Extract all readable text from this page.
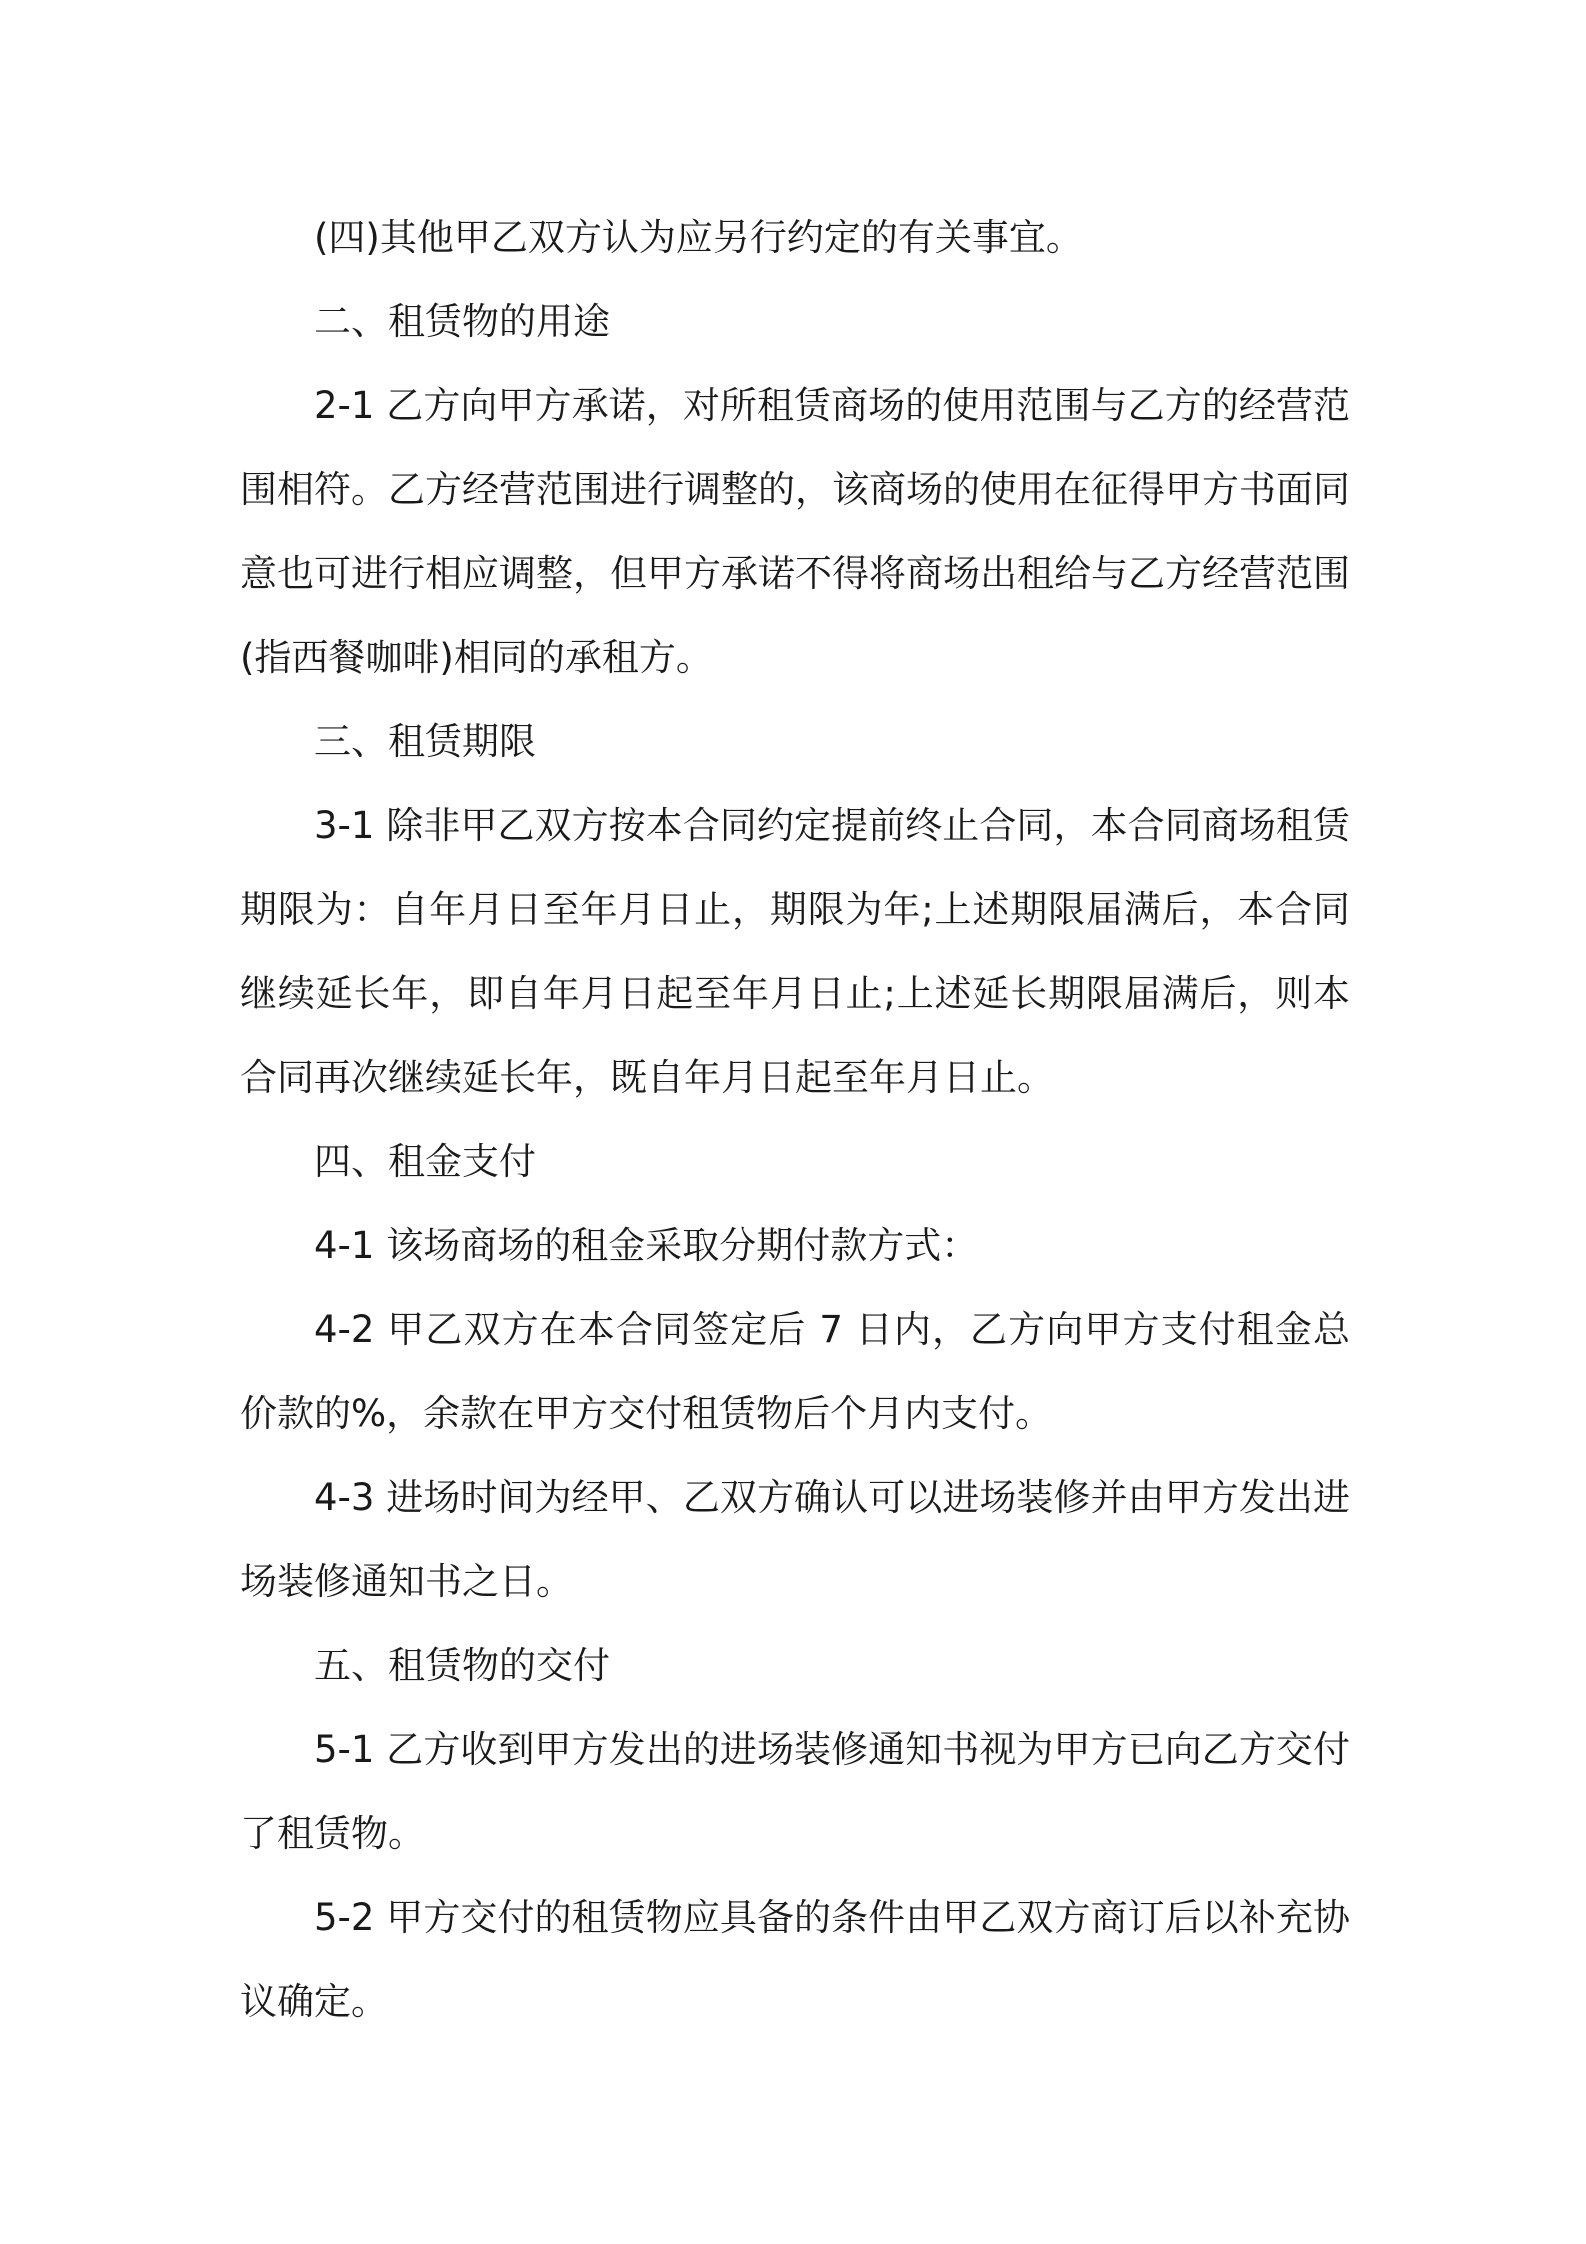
(四)其他甲乙双方认为应另行约定的有关事宜。

二、租赁物的用途

2-1 乙方向甲方承诺，对所租赁商场的使用范围与乙方的经营范围相符。乙方经营范围进行调整的，该商场的使用在征得甲方书面同意也可进行相应调整，但甲方承诺不得将商场出租给与乙方经营范围(指西餐咖啡)相同的承租方。

三、租赁期限

3-1 除非甲乙双方按本合同约定提前终止合同，本合同商场租赁期限为：自年月日至年月日止，期限为年;上述期限届满后，本合同继续延长年，即自年月日起至年月日止;上述延长期限届满后，则本合同再次继续延长年，既自年月日起至年月日止。

四、租金支付

4-1 该场商场的租金采取分期付款方式：

4-2 甲乙双方在本合同签定后 7 日内，乙方向甲方支付租金总价款的%，余款在甲方交付租赁物后个月内支付。

4-3 进场时间为经甲、乙双方确认可以进场装修并由甲方发出进场装修通知书之日。

五、租赁物的交付

5-1 乙方收到甲方发出的进场装修通知书视为甲方已向乙方交付了租赁物。

5-2 甲方交付的租赁物应具备的条件由甲乙双方商订后以补充协议确定。
